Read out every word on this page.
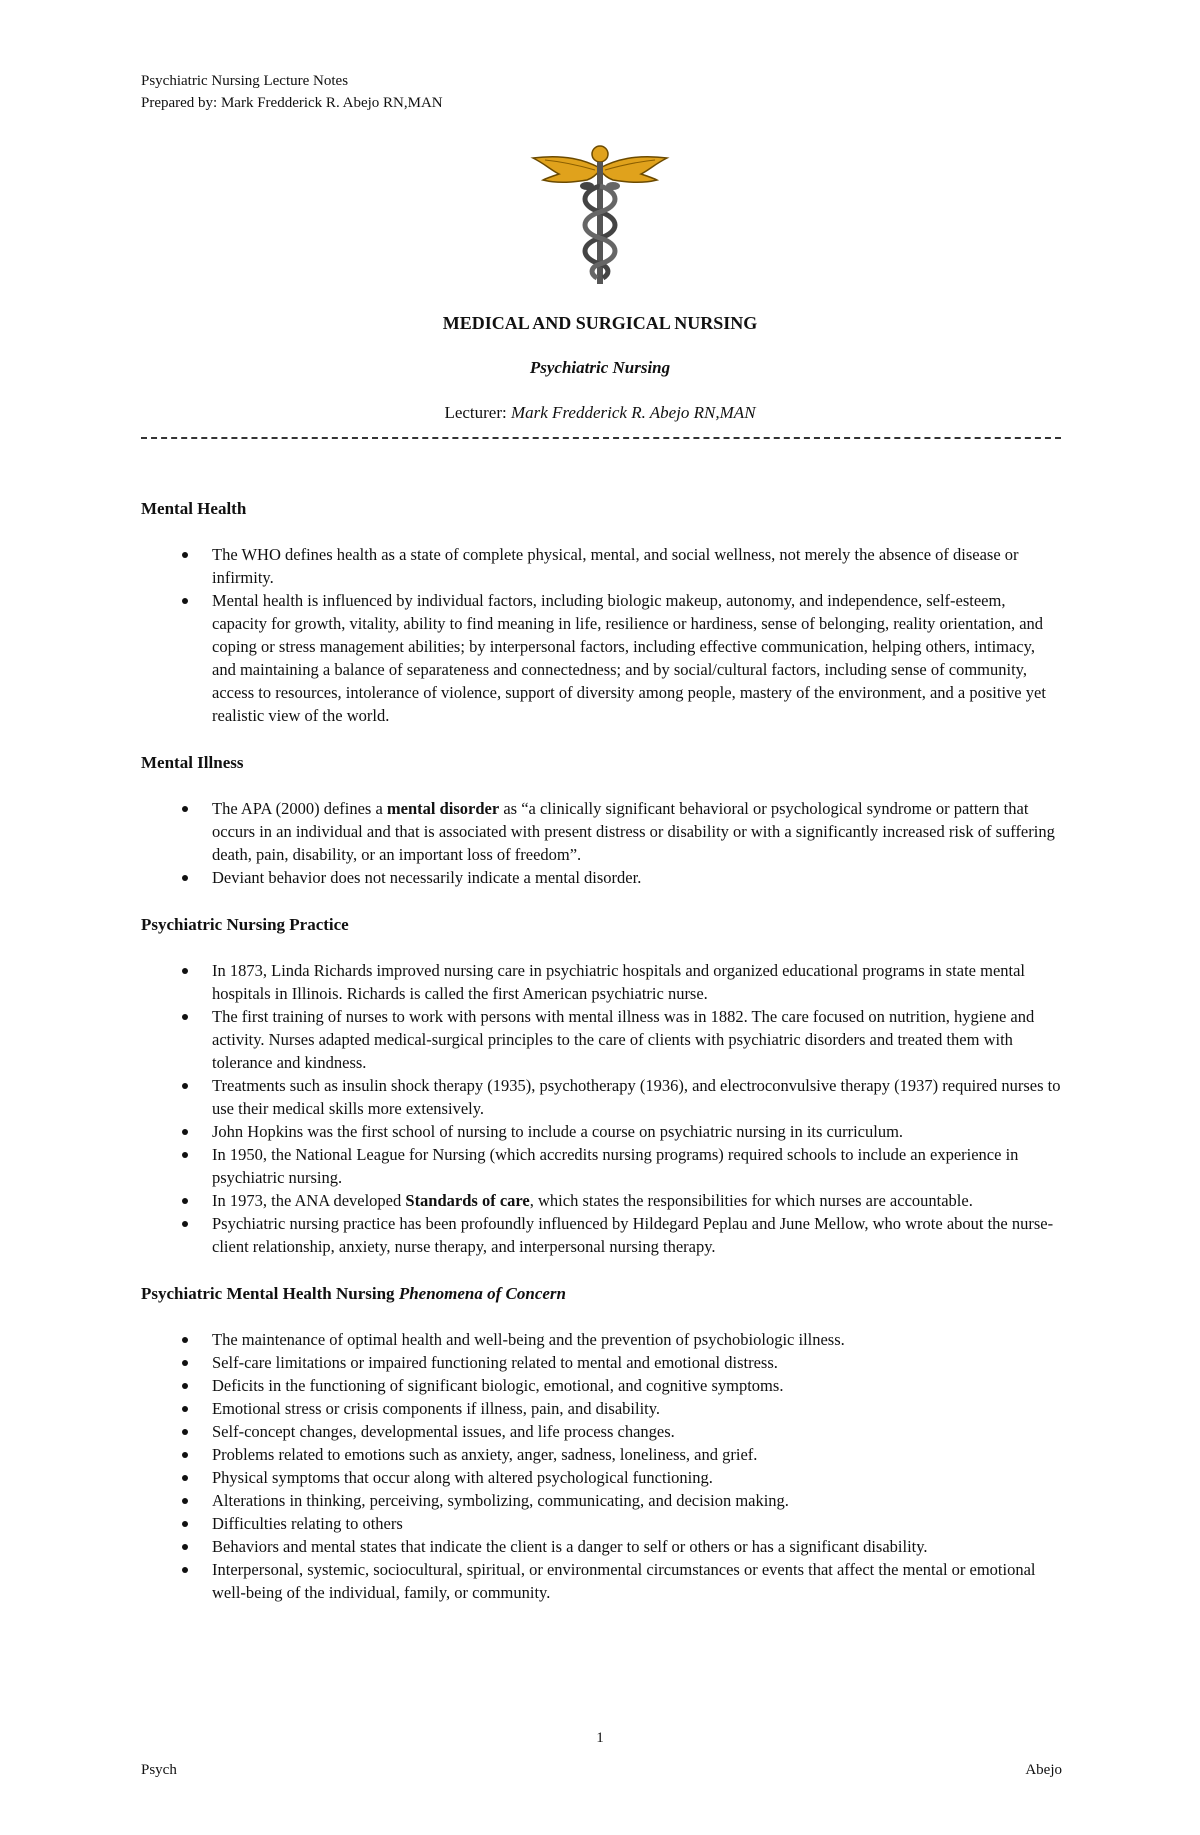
Psychiatric Nursing Lecture Notes
Prepared by: Mark Fredderick R. Abejo RN,MAN
MEDICAL AND SURGICAL NURSING
Psychiatric Nursing
Lecturer: Mark Fredderick R. Abejo RN,MAN
Mental Health
The WHO defines health as a state of complete physical, mental, and social wellness, not merely the absence of disease or infirmity.
Mental health is influenced by individual factors, including biologic makeup, autonomy, and independence, self-esteem, capacity for growth, vitality, ability to find meaning in life, resilience or hardiness, sense of belonging, reality orientation, and coping or stress management abilities; by interpersonal factors, including effective communication, helping others, intimacy, and maintaining a balance of separateness and connectedness; and by social/cultural factors, including sense of community, access to resources, intolerance of violence, support of diversity among people, mastery of the environment, and a positive yet realistic view of the world.
Mental Illness
The APA (2000) defines a mental disorder as “a clinically significant behavioral or psychological syndrome or pattern that occurs in an individual and that is associated with present distress or disability or with a significantly increased risk of suffering death, pain, disability, or an important loss of freedom”.
Deviant behavior does not necessarily indicate a mental disorder.
Psychiatric Nursing Practice
In 1873, Linda Richards improved nursing care in psychiatric hospitals and organized educational programs in state mental hospitals in Illinois. Richards is called the first American psychiatric nurse.
The first training of nurses to work with persons with mental illness was in 1882. The care focused on nutrition, hygiene and activity. Nurses adapted medical-surgical principles to the care of clients with psychiatric disorders and treated them with tolerance and kindness.
Treatments such as insulin shock therapy (1935), psychotherapy (1936), and electroconvulsive therapy (1937) required nurses to use their medical skills more extensively.
John Hopkins was the first school of nursing to include a course on psychiatric nursing in its curriculum.
In 1950, the National League for Nursing (which accredits nursing programs) required schools to include an experience in psychiatric nursing.
In 1973, the ANA developed Standards of care, which states the responsibilities for which nurses are accountable.
Psychiatric nursing practice has been profoundly influenced by Hildegard Peplau and June Mellow, who wrote about the nurse-client relationship, anxiety, nurse therapy, and interpersonal nursing therapy.
Psychiatric Mental Health Nursing Phenomena of Concern
The maintenance of optimal health and well-being and the prevention of psychobiologic illness.
Self-care limitations or impaired functioning related to mental and emotional distress.
Deficits in the functioning of significant biologic, emotional, and cognitive symptoms.
Emotional stress or crisis components if illness, pain, and disability.
Self-concept changes, developmental issues, and life process changes.
Problems related to emotions such as anxiety, anger, sadness, loneliness, and grief.
Physical symptoms that occur along with altered psychological functioning.
Alterations in thinking, perceiving, symbolizing, communicating, and decision making.
Difficulties relating to others
Behaviors and mental states that indicate the client is a danger to self or others or has a significant disability.
Interpersonal, systemic, sociocultural, spiritual, or environmental circumstances or events that affect the mental or emotional well-being of the individual, family, or community.
1
Psych	Abejo
